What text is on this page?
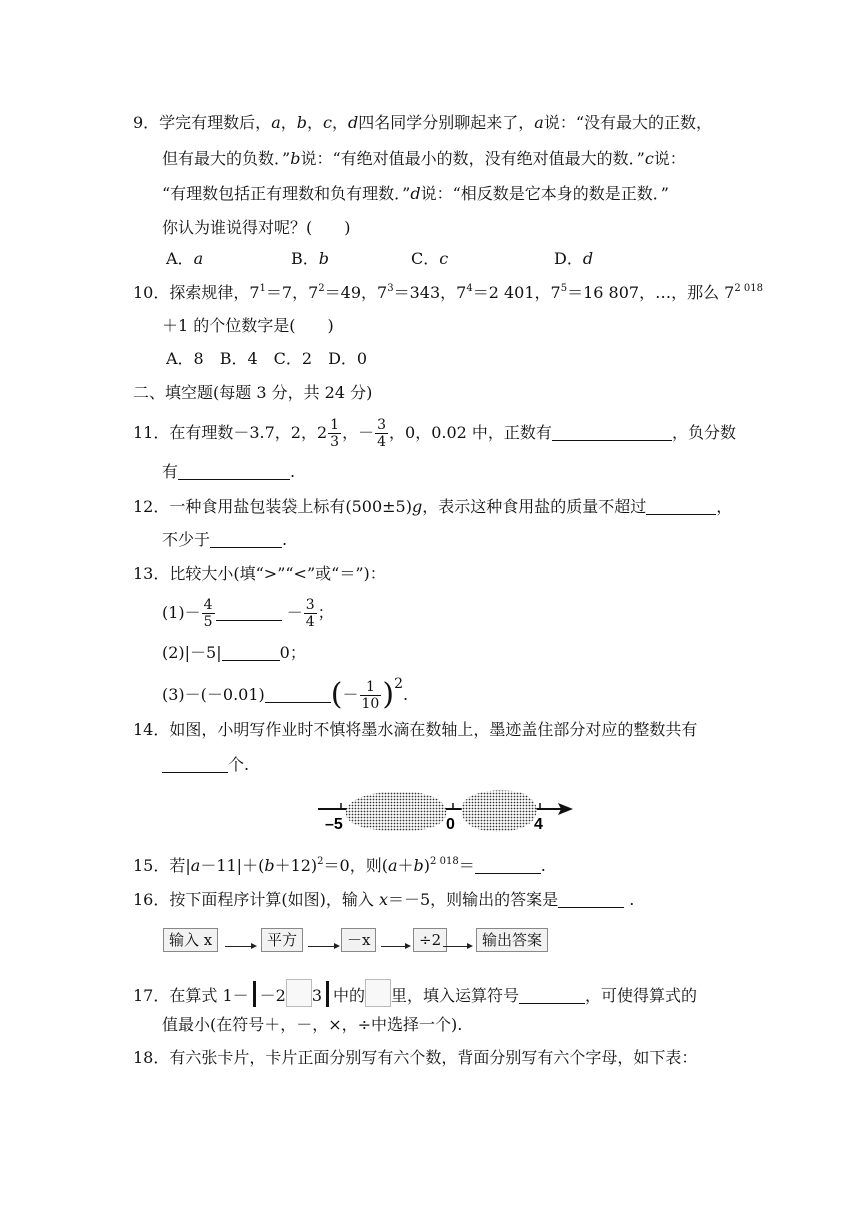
9．学完有理数后，a，b，c，d四名同学分别聊起来了，a说：“没有最大的正数，
但有最大的负数．”b说：“有绝对值最小的数，没有绝对值最大的数．”c说：
“有理数包括正有理数和负有理数．”d说：“相反数是它本身的数是正数．”
你认为谁说得对呢？(　　)
A．a	B．b	C．c	D．d
10．探索规律，$7^1=7$，$7^2=49$，$7^3=343$，$7^4=2$ 401，$7^5=16$ 807，…，那么 $7^{2 018}$
＋1 的个位数字是(　　)
A．8　B．4　C．2　D．0
二、填空题(每题 3 分，共 24 分)
11．在有理数－3.7，2，$2 \frac{1}{3}$ ，－ $\frac{3}{4}$ ，0，0.02 中，正数有	，负分数
有	.
12．一种食用盐包装袋上标有(500±5)g，表示这种食用盐的质量不超过	，
不少于	.
13．比较大小(填“>”“<”或“＝”)：
$(1)- \frac{4}{5}$	－ $\frac{3}{4}$ ；
(2)|－5|	0；
(3)－(－0.01) (－ $\frac{1}{10} )^2$.
14．如图，小明写作业时不慎将墨水滴在数轴上，墨迹盖住部分对应的整数共有
个.
–5	0	4
15．若$|a-11|+(b+12)^2=0$，则$(a+b)^{2 018}=$	.
16．按下面程序计算(如图)，输入 x＝－5，则输出的答案是	.
输入 x	平方	－x	÷2	输出答案
17．在算式 1－ －2 3 中的 里，填入运算符号	，可使得算式的
值最小(在符号＋，－，×，÷中选择一个).
18．有六张卡片，卡片正面分别写有六个数，背面分别写有六个字母，如下表：
